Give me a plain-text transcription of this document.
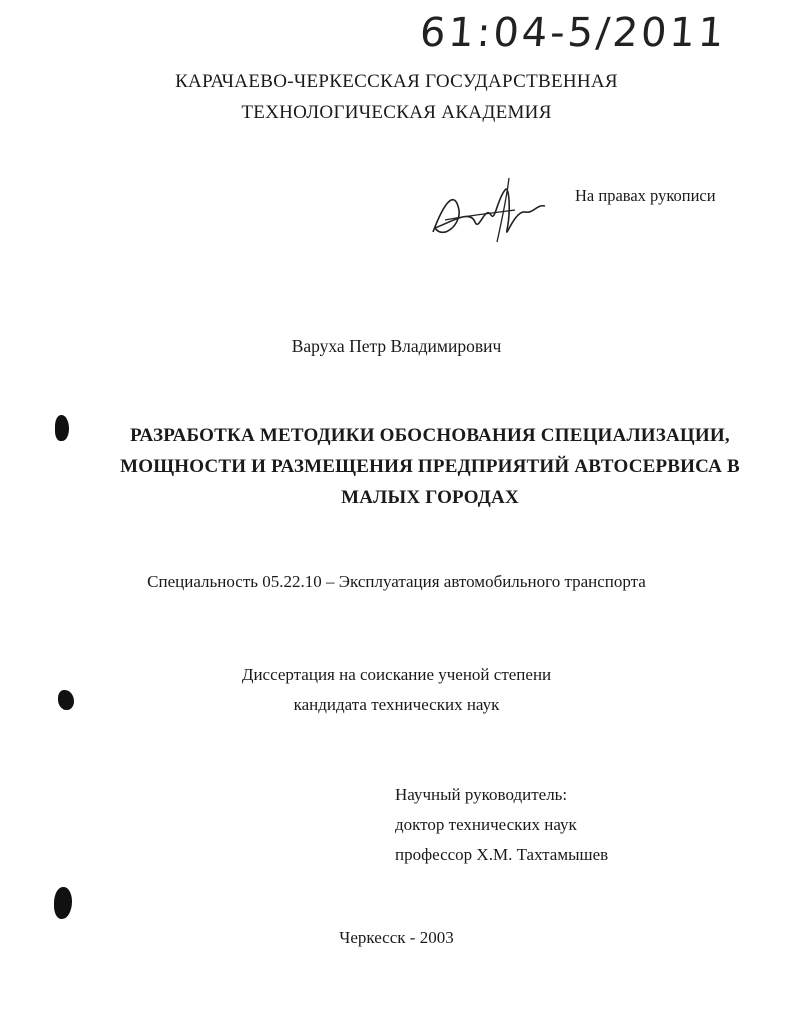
61:04-5/2011
КАРАЧАЕВО-ЧЕРКЕССКАЯ ГОСУДАРСТВЕННАЯ
ТЕХНОЛОГИЧЕСКАЯ АКАДЕМИЯ
На правах рукописи
Варуха Петр Владимирович
РАЗРАБОТКА МЕТОДИКИ ОБОСНОВАНИЯ СПЕЦИАЛИЗАЦИИ,
МОЩНОСТИ И РАЗМЕЩЕНИЯ ПРЕДПРИЯТИЙ АВТОСЕРВИСА В
МАЛЫХ ГОРОДАХ
Специальность 05.22.10 – Эксплуатация автомобильного транспорта
Диссертация на соискание ученой степени
кандидата технических наук
Научный руководитель:
доктор технических наук
профессор Х.М. Тахтамышев
Черкесск - 2003
